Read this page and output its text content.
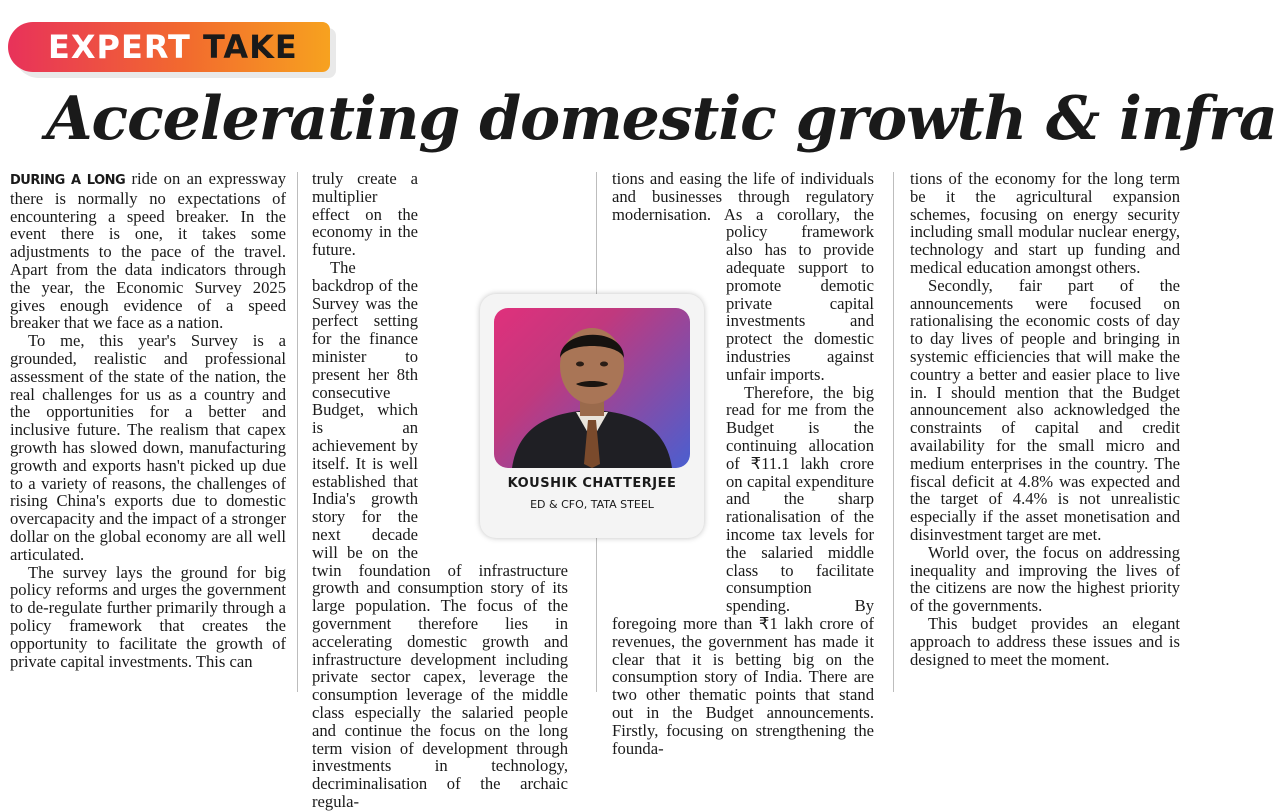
EXPERT TAKE
Accelerating domestic growth & infra

DURING A LONG ride on an expressway there is normally no expectations of encountering a speed breaker. In the event there is one, it takes some adjustments to the pace of the travel. Apart from the data indicators through the year, the Economic Survey 2025 gives enough evidence of a speed breaker that we face as a nation.

To me, this year's Survey is a grounded, realistic and professional assessment of the state of the nation, the real challenges for us as a country and the opportunities for a better and inclusive future. The realism that capex growth has slowed down, manufacturing growth and exports hasn't picked up due to a variety of reasons, the challenges of rising China's exports due to domestic overcapacity and the impact of a stronger dollar on the global economy are all well articulated.

The survey lays the ground for big policy reforms and urges the government to de-regulate further primarily through a policy framework that creates the opportunity to facilitate the growth of private capital investments. This can

truly create a multiplier effect on the economy in the future.

The backdrop of the Survey was the perfect setting for the finance minister to present her 8th consecutive Budget, which is an achievement by itself. It is well established that India's growth story for the next decade will be on the twin foundation of infrastructure growth and consumption story of its large population. The focus of the government therefore lies in accelerating domestic growth and infrastructure development including private sector capex, leverage the consumption leverage of the middle class especially the salaried people and continue the focus on the long term vision of development through investments in technology, decriminalisation of the archaic regula-

tions and easing the life of individuals and businesses through regulatory modernisation. As a corollary, the policy framework also has to provide adequate support to promote demotic private capital investments and protect the domestic industries against unfair imports.

Therefore, the big read for me from the Budget is the continuing allocation of ₹11.1 lakh crore on capital expenditure and the sharp rationalisation of the income tax levels for the salaried middle class to facilitate consumption spending. By foregoing more than ₹1 lakh crore of revenues, the government has made it clear that it is betting big on the consumption story of India. There are two other thematic points that stand out in the Budget announcements. Firstly, focusing on strengthening the founda-

tions of the economy for the long term be it the agricultural expansion schemes, focusing on energy security including small modular nuclear energy, technology and start up funding and medical education amongst others.

Secondly, fair part of the announcements were focused on rationalising the economic costs of day to day lives of people and bringing in systemic efficiencies that will make the country a better and easier place to live in. I should mention that the Budget announcement also acknowledged the constraints of capital and credit availability for the small micro and medium enterprises in the country. The fiscal deficit at 4.8% was expected and the target of 4.4% is not unrealistic especially if the asset monetisation and disinvestment target are met.

World over, the focus on addressing inequality and improving the lives of the citizens are now the highest priority of the governments.

This budget provides an elegant approach to address these issues and is designed to meet the moment.

KOUSHIK CHATTERJEE
ED & CFO, TATA STEEL
